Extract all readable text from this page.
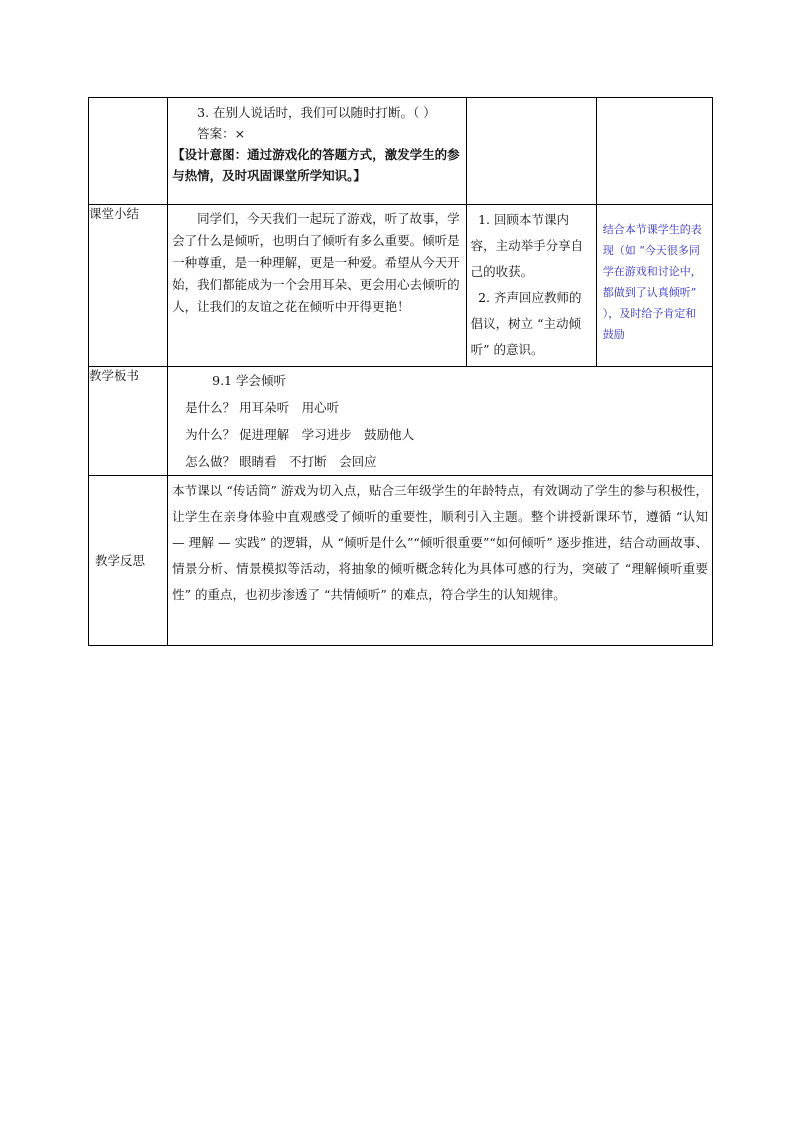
	3. 在别人说话时，我们可以随时打断。（ ）

答案：×

【设计意图：通过游戏化的答题方式，激发学生的参与热情，及时巩固课堂所学知识。】		

课堂小结	同学们，今天我们一起玩了游戏，听了故事，学会了什么是倾听，也明白了倾听有多么重要。倾听是一种尊重，是一种理解，更是一种爱。希望从今天开始，我们都能成为一个会用耳朵、更会用心去倾听的人，让我们的友谊之花在倾听中开得更艳！	1. 回顾本节课内容，主动举手分享自己的收获。

2. 齐声回应教师的倡议，树立 “主动倾听” 的意识。	结合本节课学生的表现（如 “今天很多同学在游戏和讨论中，都做到了认真倾听” ），及时给予肯定和鼓励

教学板书	9.1 学会倾听

是什么？ 用耳朵听　用心听

为什么？ 促进理解　学习进步　鼓励他人

怎么做？ 眼睛看　不打断　会回应		

教学反思	本节课以 “传话筒” 游戏为切入点，贴合三年级学生的年龄特点，有效调动了学生的参与积极性，让学生在亲身体验中直观感受了倾听的重要性，顺利引入主题。整个讲授新课环节，遵循 “认知 — 理解 — 实践” 的逻辑，从 “倾听是什么”“倾听很重要”“如何倾听” 逐步推进，结合动画故事、情景分析、情景模拟等活动，将抽象的倾听概念转化为具体可感的行为，突破了 “理解倾听重要性” 的重点，也初步渗透了 “共情倾听” 的难点，符合学生的认知规律。		
